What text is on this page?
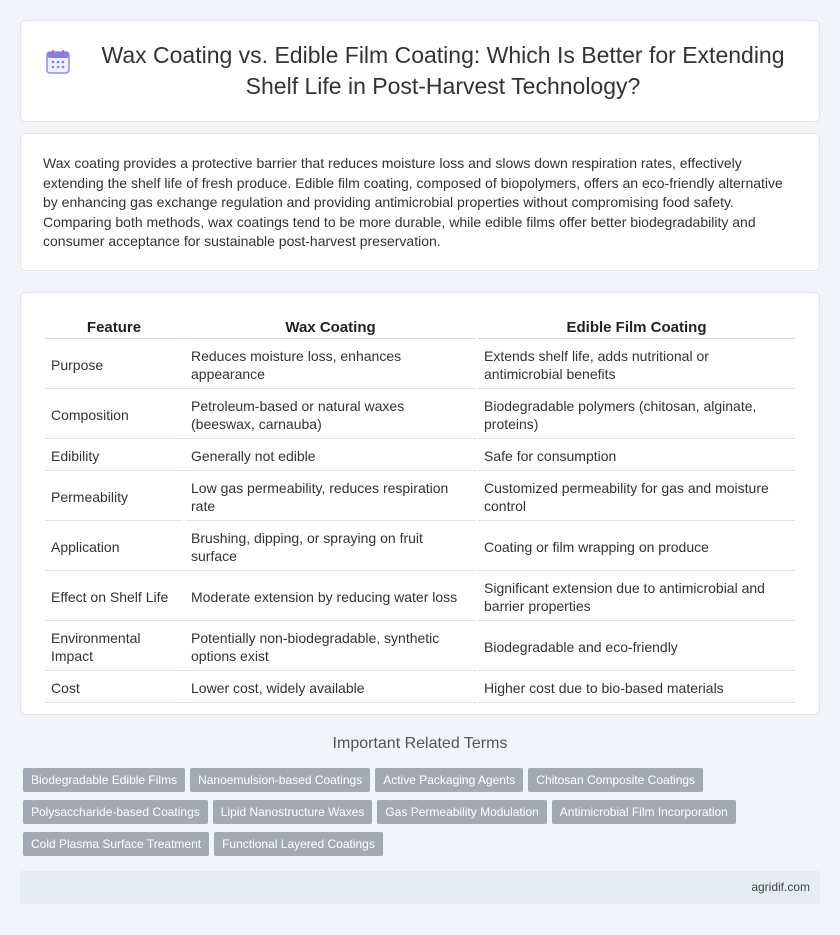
Wax Coating vs. Edible Film Coating: Which Is Better for Extending Shelf Life in Post-Harvest Technology?

Wax coating provides a protective barrier that reduces moisture loss and slows down respiration rates, effectively extending the shelf life of fresh produce. Edible film coating, composed of biopolymers, offers an eco-friendly alternative by enhancing gas exchange regulation and providing antimicrobial properties without compromising food safety. Comparing both methods, wax coatings tend to be more durable, while edible films offer better biodegradability and consumer acceptance for sustainable post-harvest preservation.

Feature	Wax Coating	Edible Film Coating
Purpose	Reduces moisture loss, enhances appearance	Extends shelf life, adds nutritional or antimicrobial benefits
Composition	Petroleum-based or natural waxes (beeswax, carnauba)	Biodegradable polymers (chitosan, alginate, proteins)
Edibility	Generally not edible	Safe for consumption
Permeability	Low gas permeability, reduces respiration rate	Customized permeability for gas and moisture control
Application	Brushing, dipping, or spraying on fruit surface	Coating or film wrapping on produce
Effect on Shelf Life	Moderate extension by reducing water loss	Significant extension due to antimicrobial and barrier properties
Environmental Impact	Potentially non-biodegradable, synthetic options exist	Biodegradable and eco-friendly
Cost	Lower cost, widely available	Higher cost due to bio-based materials
Important Related Terms
Biodegradable Edible Films Nanoemulsion-based Coatings Active Packaging Agents Chitosan Composite Coatings
Polysaccharide-based Coatings Lipid Nanostructure Waxes Gas Permeability Modulation Antimicrobial Film Incorporation
Cold Plasma Surface Treatment Functional Layered Coatings
agridif.com
